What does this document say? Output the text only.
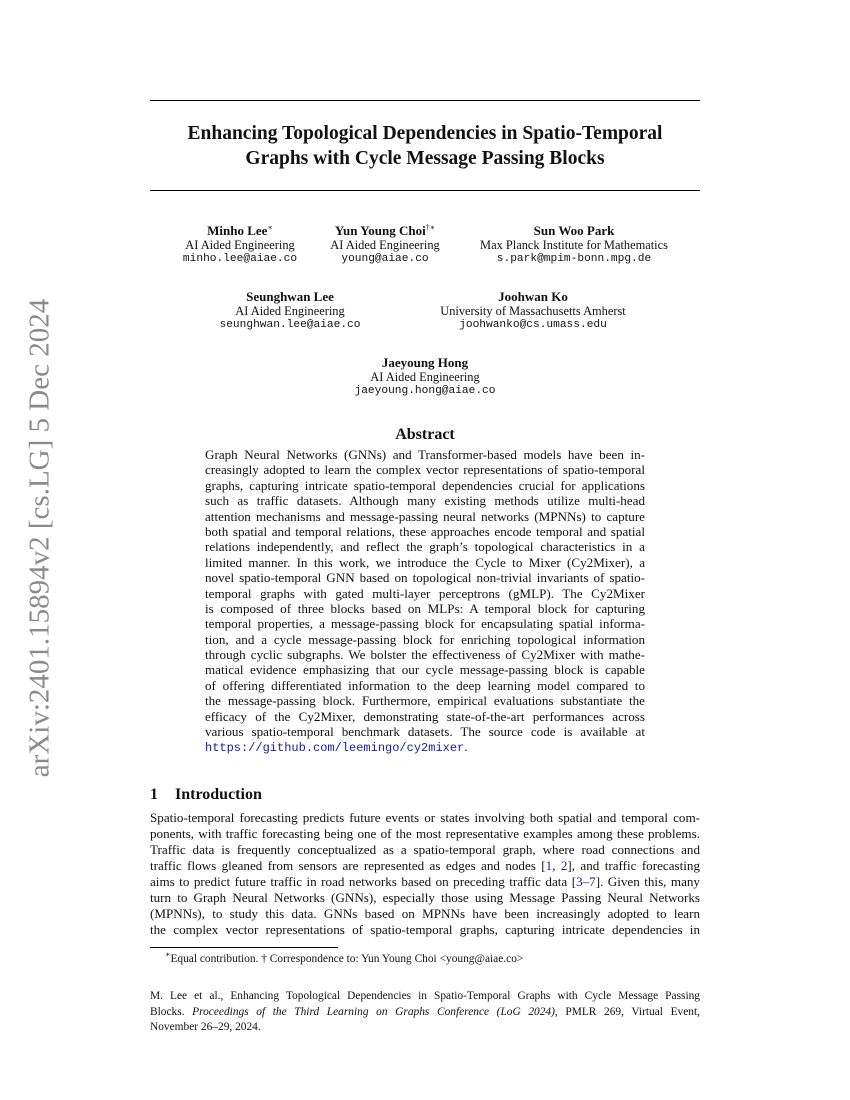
arXiv:2401.15894v2 [cs.LG] 5 Dec 2024
Enhancing Topological Dependencies in Spatio-Temporal
Graphs with Cycle Message Passing Blocks
Minho Lee∗
AI Aided Engineering
minho.lee@aiae.co
Yun Young Choi†∗
AI Aided Engineering
young@aiae.co
Sun Woo Park
Max Planck Institute for Mathematics
s.park@mpim-bonn.mpg.de
Seunghwan Lee
AI Aided Engineering
seunghwan.lee@aiae.co
Joohwan Ko
University of Massachusetts Amherst
joohwanko@cs.umass.edu
Jaeyoung Hong
AI Aided Engineering
jaeyoung.hong@aiae.co
Abstract
Graph Neural Networks (GNNs) and Transformer-based models have been in-
creasingly adopted to learn the complex vector representations of spatio-temporal
graphs, capturing intricate spatio-temporal dependencies crucial for applications
such as traffic datasets. Although many existing methods utilize multi-head
attention mechanisms and message-passing neural networks (MPNNs) to capture
both spatial and temporal relations, these approaches encode temporal and spatial
relations independently, and reflect the graph’s topological characteristics in a
limited manner. In this work, we introduce the Cycle to Mixer (Cy2Mixer), a
novel spatio-temporal GNN based on topological non-trivial invariants of spatio-
temporal graphs with gated multi-layer perceptrons (gMLP). The Cy2Mixer
is composed of three blocks based on MLPs: A temporal block for capturing
temporal properties, a message-passing block for encapsulating spatial informa-
tion, and a cycle message-passing block for enriching topological information
through cyclic subgraphs. We bolster the effectiveness of Cy2Mixer with mathe-
matical evidence emphasizing that our cycle message-passing block is capable
of offering differentiated information to the deep learning model compared to
the message-passing block. Furthermore, empirical evaluations substantiate the
efficacy of the Cy2Mixer, demonstrating state-of-the-art performances across
various spatio-temporal benchmark datasets. The source code is available at
https://github.com/leemingo/cy2mixer.
1 Introduction
Spatio-temporal forecasting predicts future events or states involving both spatial and temporal com-
ponents, with traffic forecasting being one of the most representative examples among these problems.
Traffic data is frequently conceptualized as a spatio-temporal graph, where road connections and
traffic flows gleaned from sensors are represented as edges and nodes [1, 2], and traffic forecasting
aims to predict future traffic in road networks based on preceding traffic data [3–7]. Given this, many
turn to Graph Neural Networks (GNNs), especially those using Message Passing Neural Networks
(MPNNs), to study this data. GNNs based on MPNNs have been increasingly adopted to learn
the complex vector representations of spatio-temporal graphs, capturing intricate dependencies in
∗Equal contribution. † Correspondence to: Yun Young Choi <young@aiae.co>
M. Lee et al., Enhancing Topological Dependencies in Spatio-Temporal Graphs with Cycle Message Passing
Blocks. Proceedings of the Third Learning on Graphs Conference (LoG 2024), PMLR 269, Virtual Event,
November 26–29, 2024.
